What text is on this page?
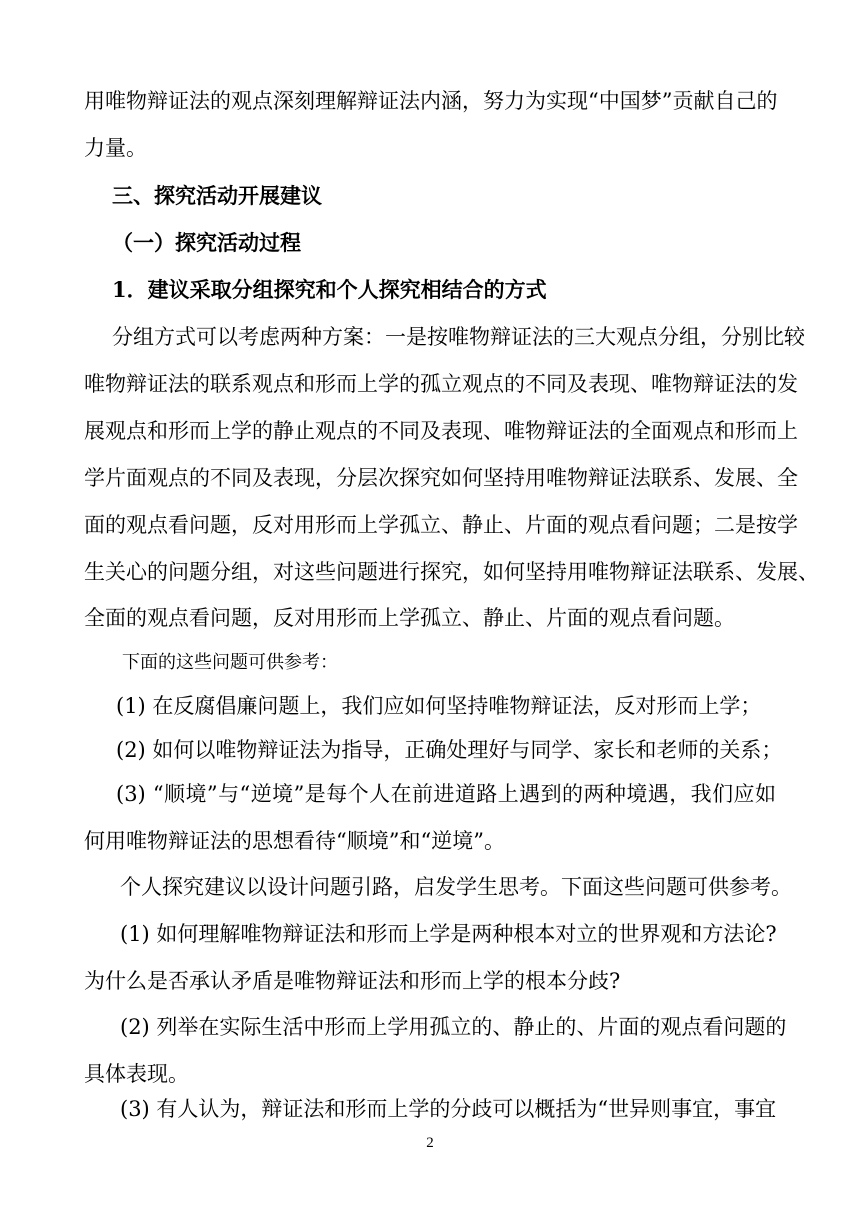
用唯物辩证法的观点深刻理解辩证法内涵，努力为实现“中国梦”贡献自己的
力量。
三、探究活动开展建议
（一）探究活动过程
1．建议采取分组探究和个人探究相结合的方式
分组方式可以考虑两种方案：一是按唯物辩证法的三大观点分组，分别比较
唯物辩证法的联系观点和形而上学的孤立观点的不同及表现、唯物辩证法的发
展观点和形而上学的静止观点的不同及表现、唯物辩证法的全面观点和形而上
学片面观点的不同及表现，分层次探究如何坚持用唯物辩证法联系、发展、全
面的观点看问题，反对用形而上学孤立、静止、片面的观点看问题；二是按学
生关心的问题分组，对这些问题进行探究，如何坚持用唯物辩证法联系、发展、
全面的观点看问题，反对用形而上学孤立、静止、片面的观点看问题。
下面的这些问题可供参考：
(1) 在反腐倡廉问题上，我们应如何坚持唯物辩证法，反对形而上学；
(2) 如何以唯物辩证法为指导，正确处理好与同学、家长和老师的关系；
(3) “顺境”与“逆境”是每个人在前进道路上遇到的两种境遇，我们应如
何用唯物辩证法的思想看待“顺境”和“逆境”。
个人探究建议以设计问题引路，启发学生思考。下面这些问题可供参考。
(1) 如何理解唯物辩证法和形而上学是两种根本对立的世界观和方法论?
为什么是否承认矛盾是唯物辩证法和形而上学的根本分歧?
(2) 列举在实际生活中形而上学用孤立的、静止的、片面的观点看问题的
具体表现。
(3) 有人认为，辩证法和形而上学的分歧可以概括为“世异则事宜，事宜
2
